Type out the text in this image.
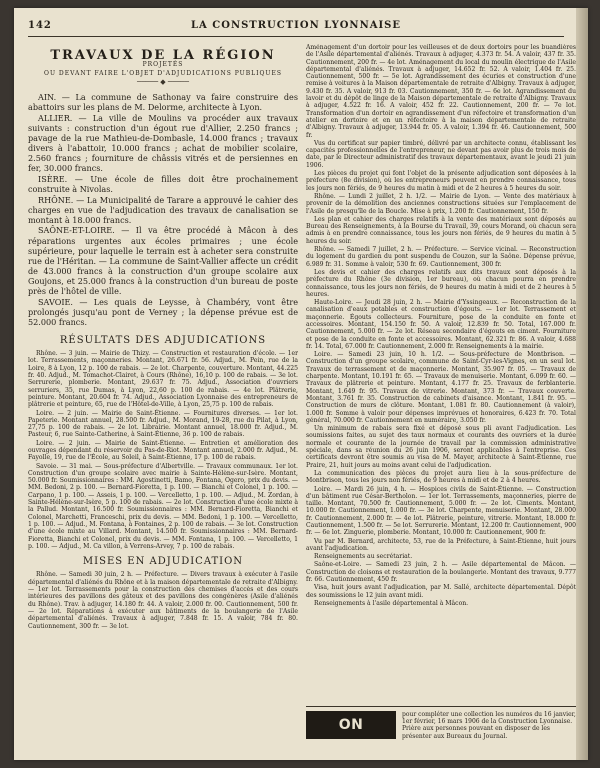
142	LA CONSTRUCTION LYONNAISE
TRAVAUX DE LA RÉGION
PROJETÉS
OU DEVANT FAIRE L'OBJET D'ADJUDICATIONS PUBLIQUES
───── ◆ ─────

AIN. — La commune de Sathonay va faire construire des abattoirs sur les plans de M. Delorme, architecte à Lyon.

ALLIER. — La ville de Moulins va procéder aux travaux suivants : construction d'un égout rue d'Allier, 2.250 francs ; pavage de la rue Mathieu-de-Dombasle, 14.000 francs ; travaux divers à l'abattoir, 10.000 francs ; achat de mobilier scolaire, 2.560 francs ; fourniture de châssis vitrés et de persiennes en fer, 30.000 francs.

ISÈRE. — Une école de filles doit être prochainement construite à Nivolas.

RHÔNE. — La Municipalité de Tarare a approuvé le cahier des charges en vue de l'adjudication des travaux de canalisation se montant à 18.000 francs.

SAÔNE-ET-LOIRE. — Il va être procédé à Mâcon à des réparations urgentes aux écoles primaires ; une école supérieure, pour laquelle le terrain est à acheter sera construite rue de l'Héritan. — La commune de Saint-Vallier affecte un crédit de 43.000 francs à la construction d'un groupe scolaire aux Goujons, et 25.000 francs à la construction d'un bureau de poste près de l'hôtel de ville.

SAVOIE. — Les quais de Leysse, à Chambéry, vont être prolongés jusqu'au pont de Verney ; la dépense prévue est de 52.000 francs.

RÉSULTATS DES ADJUDICATIONS

Rhône. — 3 juin. — Mairie de Thizy. — Construction et restauration d'école. — 1er lot. Terrassements, maçonneries. Montant, 26.671 fr. 56. Adjud., M. Pein, rue de la Loire, 8 à Lyon, 12 p. 100 de rabais. — 2e lot. Charpente, couverture. Montant, 44.225 fr. 40. Adjud., M. Tomachot-Clairet, à Cours (Rhône), 16,10 p. 100 de rabais. — 3e lot. Serrurerie, plomberie. Montant, 29.637 fr. 75. Adjud., Association d'ouvriers serruriers, 35, rue Dumas, à Lyon, 22,60 p. 100 de rabais. — 4e lot. Plâtrerie, peinture. Montant, 20.604 fr. 74. Adjud., Association Lyonnaise des entrepreneurs de plâtrerie et peinture, 65, rue de l'Hôtel-de-Ville, à Lyon, 25,75 p. 100 de rabais.

Loire. — 2 juin. — Mairie de Saint-Étienne. — Fournitures diverses. — 1er lot. Papeterie. Montant annuel, 28.500 fr. Adjud., M. Morand, 19-28, rue du Pilat, à Lyon, 27,75 p. 100 de rabais. — 2e lot. Librairie. Montant annuel, 18.000 fr. Adjud., M. Pasteur, 6, rue Sainte-Catherine, à Saint-Étienne, 36 p. 100 de rabais.

Loire. — 2 juin. — Mairie de Saint-Étienne. — Entretien et amélioration des ouvrages dépendant du réservoir du Pas-de-Riot. Montant annuel, 2.000 fr. Adjud., M. Fayolle, 19, rue de l'École, au Soleil, à Saint-Étienne, 17 p. 100 de rabais.

Savoie. — 31 mai. — Sous-préfecture d'Albertville. — Travaux communaux. 1er lot. Construction d'un groupe scolaire avec mairie à Sainte-Hélène-sur-Isère. Montant, 50.000 fr. Soumissionnaires : MM. Agostinetti, Bamo, Fontana, Ogero, prix du devis. — MM. Bedoni, 2 p. 100. — Bernard-Fioretta, 1 p. 100. — Bianchi et Colonel, 1 p. 100. — Carpano, 1 p. 100. — Asseis, 1 p. 100. — Vercelletto, 1 p. 100. — Adjud., M. Zordan, à Sainte-Hélène-sur-Isère, 5 p. 100 de rabais. — 2e lot. Construction d'une école mixte à la Pallud. Montant, 16.500 fr. Soumissionnaires : MM. Bernard-Fioretta, Bianchi et Colonel, Marchetti, Franceschi, prix du devis. — MM. Bedoni, 1 p. 100. — Vercelletto, 1 p. 100. — Adjud., M. Fontana, à Fontaines, 2 p. 100 de rabais. — 3e lot. Construction d'une école mixte au Villard. Montant, 14.500 fr. Soumissionnaires : MM. Bernard-Fioretta, Bianchi et Colonel, prix du devis. — MM. Fontana, 1 p. 100. — Vercelletto, 1 p. 100. — Adjud., M. Ca villon, à Verrens-Arvey, 7 p. 100 de rabais.

MISES EN ADJUDICATION

Rhône. — Samedi 30 juin, 2 h. — Préfecture. — Divers travaux à exécuter à l'asile départemental d'aliénés du Rhône et à la maison départementale de retraite d'Albigny. — 1er lot. Terrassements pour la construction des chemises d'accès et des cours intérieures des pavillons des gâteux et des pavillons des congénères (Asile d'aliénés du Rhône). Trav. à adjuger, 14.180 fr. 44. A valoir, 2.000 fr. 00. Cautionnement, 500 fr. — 2e lot. Réparations à exécuter aux bâtiments de la boulangerie de l'Asile départemental d'aliénés. Travaux à adjuger, 7.848 fr. 15. A valoir, 784 fr. 80. Cautionnement, 300 fr. — 3e lot.

Aménagement d'un dortoir pour les veilleuses et de deux dortoirs pour les buandières de l'Asile départemental d'aliénés. Travaux à adjuger, 4.373 fr. 54. A valoir, 437 fr. 35. Cautionnement, 200 fr. — 4e lot. Aménagement du local du moulin électrique de l'Asile départemental d'aliénés. Travaux à adjuger, 14.652 fr. 52. A valoir, 1.404 fr. 25. Cautionnement, 500 fr. — 5e lot. Agrandissement des écuries et construction d'une remise à voitures à la Maison départementale de retraite d'Albigny. Travaux à adjuger, 9.430 fr. 35. A valoir, 913 fr. 03. Cautionnement, 350 fr. — 6e lot. Agrandissement du lavoir et du dépôt de linge de la Maison départementale de retraite d'Albigny. Travaux à adjuger, 4.522 fr. 16. A valoir, 452 fr. 22. Cautionnement, 200 fr. — 7e lot. Transformation d'un dortoir en agrandissement d'un réfectoire et transformation d'un atelier en dortoire et en un réfectoire à la maison départementale de retraite d'Albigny. Travaux à adjuger, 13.944 fr. 05. A valoir, 1.394 fr. 46. Cautionnement, 500 fr.

Vus du certificat sur papier timbré, délivré par un architecte connu, établissant les capacités professionnelles de l'entrepreneur, ne devant pas avoir plus de trois mois de date, par le Directeur administratif des travaux départementaux, avant le jeudi 21 juin 1906.

Les pièces du projet qui font l'objet de la présente adjudication sont déposées à la préfecture (8e division), où les entrepreneurs peuvent en prendre connaissance, tous les jours non fériés, de 9 heures du matin à midi et de 2 heures à 5 heures du soir.

Rhône. — Lundi 2 juillet, 2 h. 1/2. — Mairie de Lyon. — Vente des matériaux à provenir de la démolition des anciennes constructions situées sur l'emplacement de l'Asile de presqu'île de la Boucle. Mise à prix, 1.200 fr. Cautionnement, 150 fr.

Les plan et cahier des charges relatifs à la vente des matériaux sont déposés au Bureau des Renseignements, à la Bourse du Travail, 39, cours Morand, où chacun sera admis à en prendre connaissance, tous les jours non fériés, de 9 heures du matin à 5 heures du soir.

Rhône. — Samedi 7 juillet, 2 h. — Préfecture. — Service vicinal. — Reconstruction du logement du gardien du pont suspendu de Couzon, sur la Saône. Dépense prévue, 6.989 fr. 31. Somme à valoir, 530 fr. 69. Cautionnement, 300 fr.

Les devis et cahier des charges relatifs aux dits travaux sont déposés à la préfecture du Rhône (3e division, 1er bureau), où chacun pourra en prendre connaissance, tous les jours non fériés, de 9 heures du matin à midi et de 2 heures à 5 heures.

Haute-Loire. — Jeudi 28 juin, 2 h. — Mairie d'Yssingeaux. — Reconstruction de la canalisation d'eaux potables et construction d'égouts. — 1er lot. Terrassement et maçonnerie. Égouts collecteurs. Fourniture, pose de la conduite en fonte et accessoires. Montant, 154.150 fr. 50. A valoir, 12.839 fr. 50. Total, 167.000 fr. Cautionnement, 5.000 fr. — 2e lot. Réseau secondaire d'égouts en ciment. Fourniture et pose de la conduite en fonte et accessoires. Montant, 62.321 fr. 86. A valoir, 4.688 fr. 14. Total, 67.000 fr. Cautionnement, 2.000 fr. Renseignements à la mairie.

Loire. — Samedi 23 juin, 10 h. 1/2. — Sous-préfecture de Montbrison. — Construction d'un groupe scolaire, commune de Saint-Cyr-les-Vignes, en un seul lot. Travaux de terrassement et de maçonnerie. Montant, 35.907 fr. 05. — Travaux de charpente. Montant, 10.191 fr. 65. — Travaux de menuiserie. Montant, 6.099 fr. 60. — Travaux de plâtrerie et peinture. Montant, 4.177 fr. 25. Travaux de ferblanterie. Montant, 1.649 fr. 95. Travaux de vitrerie. Montant, 373 fr. — Travaux couverte. Montant, 3.761 fr. 35. Construction de cabinets d'aisance. Montant, 1.841 fr. 95. — Construction de murs de clôture. Montant, 1.081 fr. 80. Cautionnement (à valoir), 1.000 fr. Somme à valoir pour dépenses imprévues et honoraires, 6.423 fr. 70. Total général, 70.000 fr. Cautionnement en numéraire, 3.050 fr.

Un minimum de rabais sera fixé et déposé sous pli avant l'adjudication. Les soumissions faites, au sujet des taux normaux et courants des ouvriers et la durée normale et courante de la journée de travail par la commission administrative spéciale, dans sa réunion du 26 juin 1906, seront applicables à l'entreprise. Ces certificats devront être soumis au visa de M. Mayer, architecte à Saint-Étienne, rue Praire, 21, huit jours au moins avant celui de l'adjudication.

La communication des pièces du projet aura lieu à la sous-préfecture de Montbrison, tous les jours non fériés, de 9 heures à midi et de 2 à 4 heures.

Loire. — Mardi 26 juin, 4 h. — Hospices civils de Saint-Étienne. — Construction d'un bâtiment rue César-Bertholon. — 1er lot. Terrassements, maçonneries, pierre de taille. Montant, 70.500 fr. Cautionnement, 5.000 fr. — 2e lot. Ciments. Montant, 10.000 fr. Cautionnement, 1.000 fr. — 3e lot. Charpente, menuiserie. Montant, 28.000 fr. Cautionnement, 2.000 fr. — 4e lot. Plâtrerie, peinture, vitrerie. Montant, 18.000 fr. Cautionnement, 1.500 fr. — 5e lot. Serrurerie. Montant, 12.200 fr. Cautionnement, 900 fr. — 6e lot. Zinguerie, plomberie. Montant, 10.000 fr. Cautionnement, 900 fr.

Vu par M. Bernard, architecte, 53, rue de la Préfecture, à Saint-Étienne, huit jours avant l'adjudication.

Renseignements au secrétariat.

Saône-et-Loire. — Samedi 23 juin, 2 h. — Asile départemental de Mâcon. — Construction de cloisons et restauration de la boulangerie. Montant des travaux, 9.777 fr. 66. Cautionnement, 450 fr.

Visa, huit jours avant l'adjudication, par M. Sallé, architecte départemental. Dépôt des soumissions le 12 juin avant midi.

Renseignements à l'asile départemental à Mâcon.

ON DEMANDE
pour compléter une collection les numéros du 16 janvier, 1er février, 16 mars 1906 de la Construction Lyonnaise. Prière aux personnes pouvant en disposer de les présenter aux Bureaux du Journal.
